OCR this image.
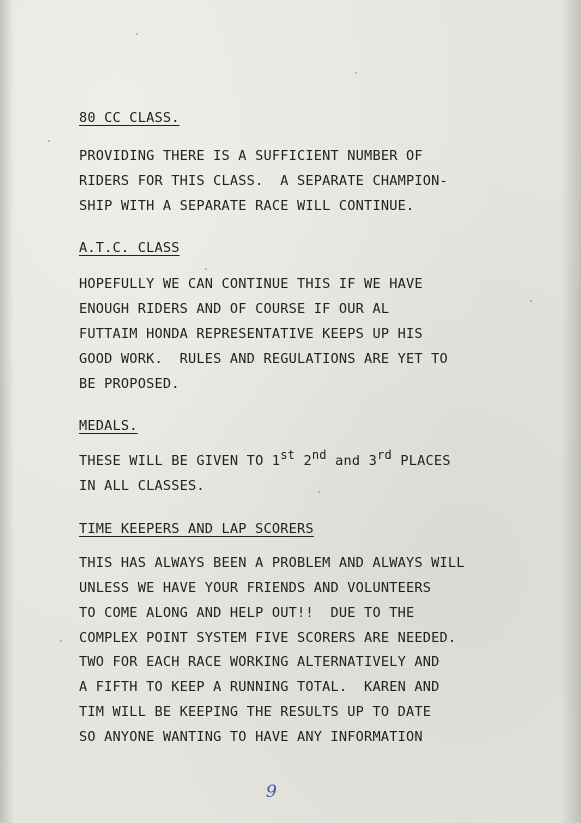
80 CC CLASS.

PROVIDING THERE IS A SUFFICIENT NUMBER OF

RIDERS FOR THIS CLASS.  A SEPARATE CHAMPION-

SHIP WITH A SEPARATE RACE WILL CONTINUE.

A.T.C. CLASS

HOPEFULLY WE CAN CONTINUE THIS IF WE HAVE

ENOUGH RIDERS AND OF COURSE IF OUR AL

FUTTAIM HONDA REPRESENTATIVE KEEPS UP HIS

GOOD WORK.  RULES AND REGULATIONS ARE YET TO

BE PROPOSED.

MEDALS.

THESE WILL BE GIVEN TO 1st 2nd and 3rd PLACES

IN ALL CLASSES.

TIME KEEPERS AND LAP SCORERS

THIS HAS ALWAYS BEEN A PROBLEM AND ALWAYS WILL

UNLESS WE HAVE YOUR FRIENDS AND VOLUNTEERS

TO COME ALONG AND HELP OUT!!  DUE TO THE

COMPLEX POINT SYSTEM FIVE SCORERS ARE NEEDED.

TWO FOR EACH RACE WORKING ALTERNATIVELY AND

A FIFTH TO KEEP A RUNNING TOTAL.  KAREN AND

TIM WILL BE KEEPING THE RESULTS UP TO DATE

SO ANYONE WANTING TO HAVE ANY INFORMATION

9
